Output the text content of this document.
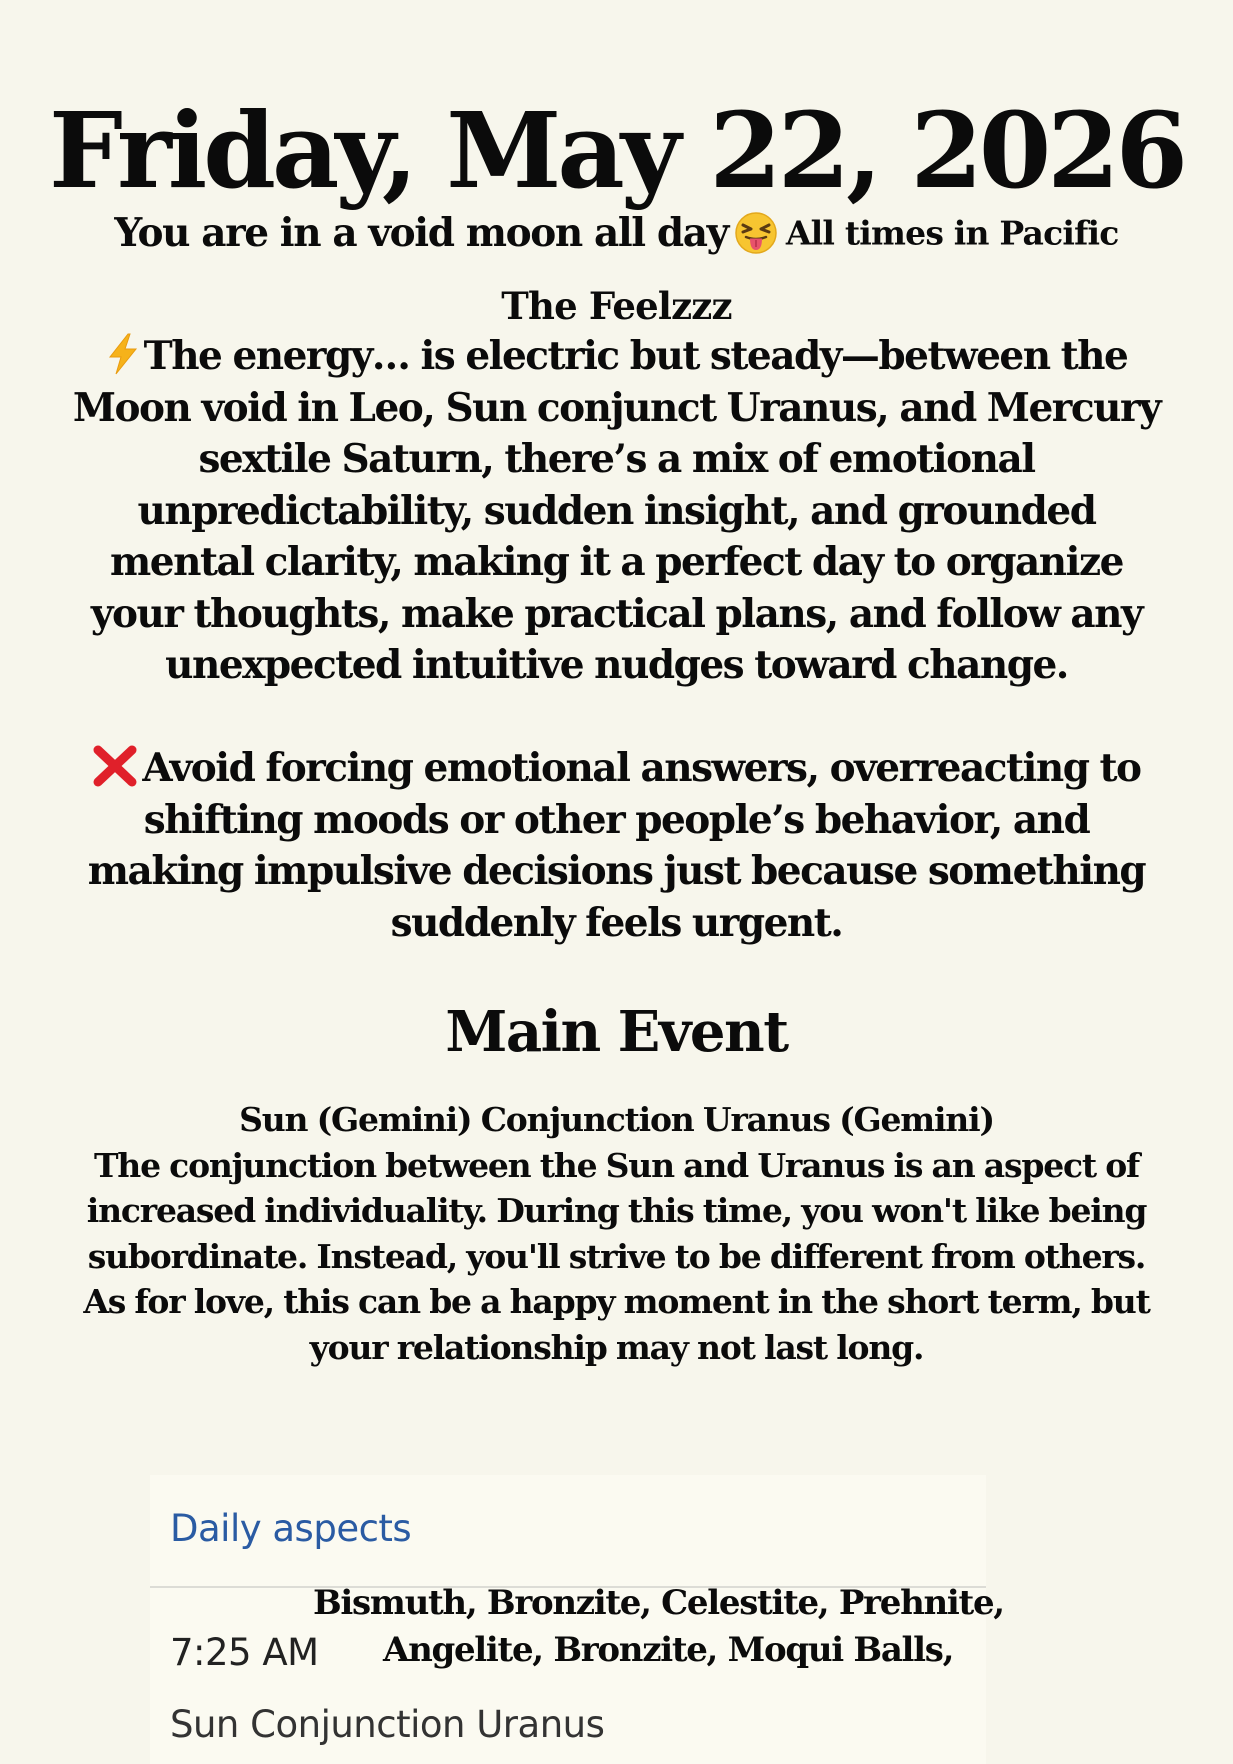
Friday, May 22, 2026
You are in a void moon all day All times in Pacific
The Feelzzz
The energy… is electric but steady—between the Moon void in Leo, Sun conjunct Uranus, and Mercury sextile Saturn, there’s a mix of emotional unpredictability, sudden insight, and grounded mental clarity, making it a perfect day to organize your thoughts, make practical plans, and follow any unexpected intuitive nudges toward change.
Avoid forcing emotional answers, overreacting to shifting moods or other people’s behavior, and making impulsive decisions just because something suddenly feels urgent.
Main Event
Sun (Gemini) Conjunction Uranus (Gemini)
The conjunction between the Sun and Uranus is an aspect of increased individuality. During this time, you won't like being subordinate. Instead, you'll strive to be different from others. As for love, this can be a happy moment in the short term, but your relationship may not last long.
Daily aspects
Bismuth, Bronzite, Celestite, Prehnite,
Angelite, Bronzite, Moqui Balls,
7:25 AM
Sun Conjunction Uranus
